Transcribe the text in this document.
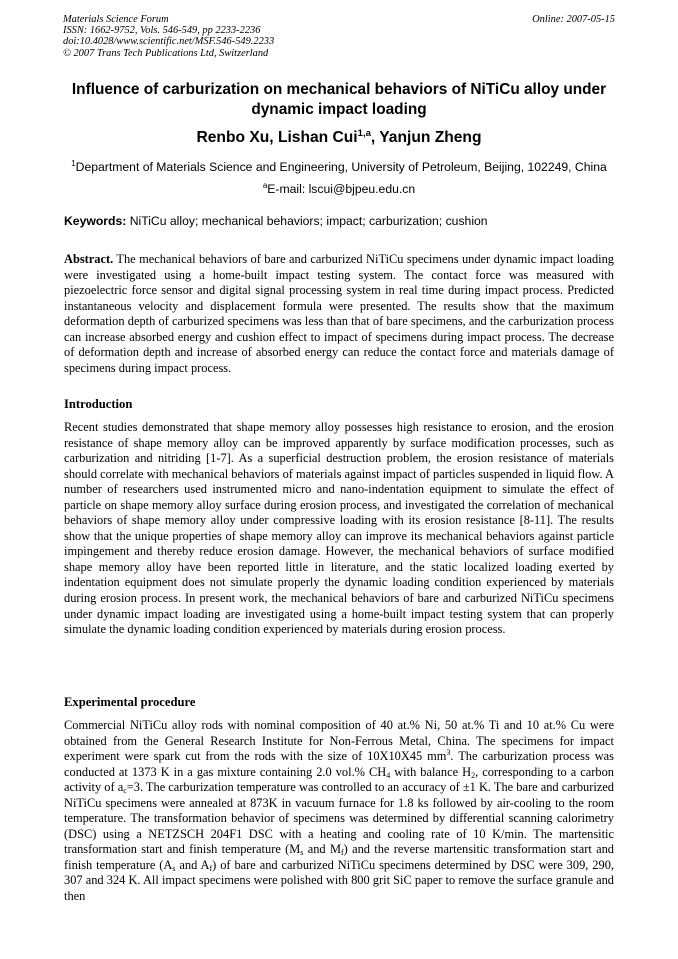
Materials Science Forum
ISSN: 1662-9752, Vols. 546-549, pp 2233-2236
doi:10.4028/www.scientific.net/MSF.546-549.2233
© 2007 Trans Tech Publications Ltd, Switzerland
Online: 2007-05-15
Influence of carburization on mechanical behaviors of NiTiCu alloy under dynamic impact loading
Renbo Xu, Lishan Cui$^{1,a}$, Yanjun Zheng
$^1$Department of Materials Science and Engineering, University of Petroleum, Beijing, 102249, China
$^a$E-mail: lscui@bjpeu.edu.cn
Keywords: NiTiCu alloy; mechanical behaviors; impact; carburization; cushion
Abstract. The mechanical behaviors of bare and carburized NiTiCu specimens under dynamic impact loading were investigated using a home-built impact testing system. The contact force was measured with piezoelectric force sensor and digital signal processing system in real time during impact process. Predicted instantaneous velocity and displacement formula were presented. The results show that the maximum deformation depth of carburized specimens was less than that of bare specimens, and the carburization process can increase absorbed energy and cushion effect to impact of specimens during impact process. The decrease of deformation depth and increase of absorbed energy can reduce the contact force and materials damage of specimens during impact process.
Introduction
Recent studies demonstrated that shape memory alloy possesses high resistance to erosion, and the erosion resistance of shape memory alloy can be improved apparently by surface modification processes, such as carburization and nitriding [1-7]. As a superficial destruction problem, the erosion resistance of materials should correlate with mechanical behaviors of materials against impact of particles suspended in liquid flow. A number of researchers used instrumented micro and nano-indentation equipment to simulate the effect of particle on shape memory alloy surface during erosion process, and investigated the correlation of mechanical behaviors of shape memory alloy under compressive loading with its erosion resistance [8-11]. The results show that the unique properties of shape memory alloy can improve its mechanical behaviors against particle impingement and thereby reduce erosion damage. However, the mechanical behaviors of surface modified shape memory alloy have been reported little in literature, and the static localized loading exerted by indentation equipment does not simulate properly the dynamic loading condition experienced by materials during erosion process. In present work, the mechanical behaviors of bare and carburized NiTiCu specimens under dynamic impact loading are investigated using a home-built impact testing system that can properly simulate the dynamic loading condition experienced by materials during erosion process.
Experimental procedure
Commercial NiTiCu alloy rods with nominal composition of 40 at.% Ni, 50 at.% Ti and 10 at.% Cu were obtained from the General Research Institute for Non-Ferrous Metal, China. The specimens for impact experiment were spark cut from the rods with the size of 10X10X45 $mm^3$. The carburization process was conducted at 1373 K in a gas mixture containing 2.0 vol.% $CH_4$ with balance $H_2$, corresponding to a carbon activity of $a_c=3$. The carburization temperature was controlled to an accuracy of ±1 K. The bare and carburized NiTiCu specimens were annealed at 873K in vacuum furnace for 1.8 ks followed by air-cooling to the room temperature. The transformation behavior of specimens was determined by differential scanning calorimetry (DSC) using a NETZSCH 204F1 DSC with a heating and cooling rate of 10 K/min. The martensitic transformation start and finish temperature ($M_s$ and $M_f$) and the reverse martensitic transformation start and finish temperature ($A_s$ and $A_f$) of bare and carburized NiTiCu specimens determined by DSC were 309, 290, 307 and 324 K. All impact specimens were polished with 800 grit SiC paper to remove the surface granule and then
